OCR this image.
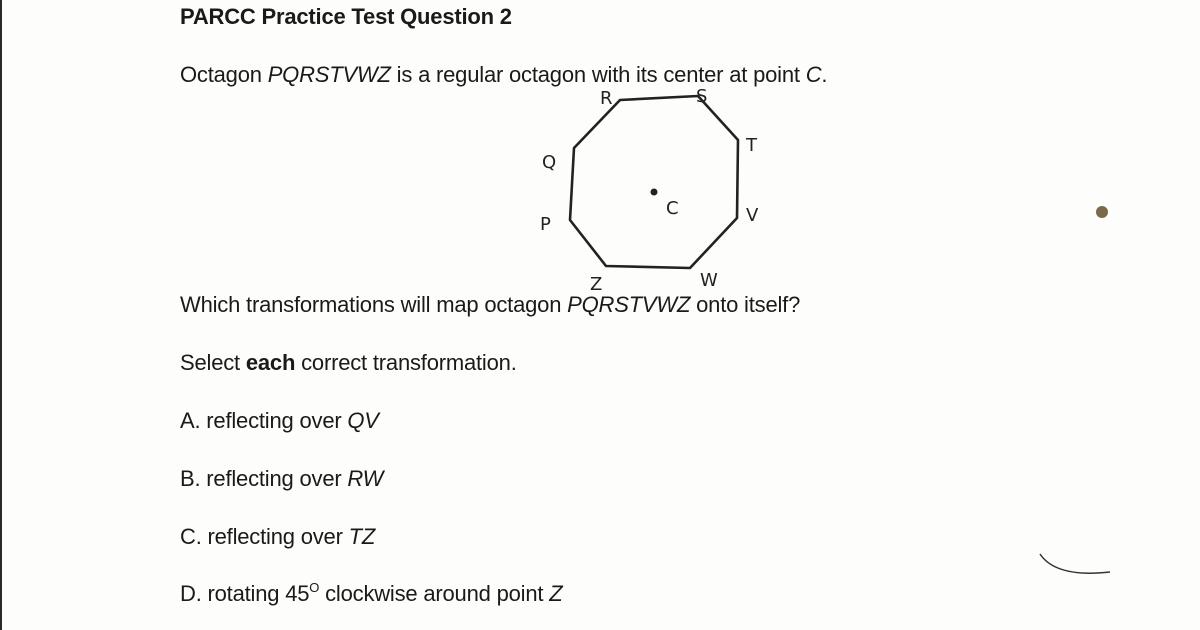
PARCC Practice Test Question 2
Octagon PQRSTVWZ is a regular octagon with its center at point C.
R	S
T
V
W
Z
P
Q
C
Which transformations will map octagon PQRSTVWZ onto itself?
Select each correct transformation.
A. reflecting over QV
B. reflecting over RW
C. reflecting over TZ
D. rotating $45^O$ clockwise around point Z
